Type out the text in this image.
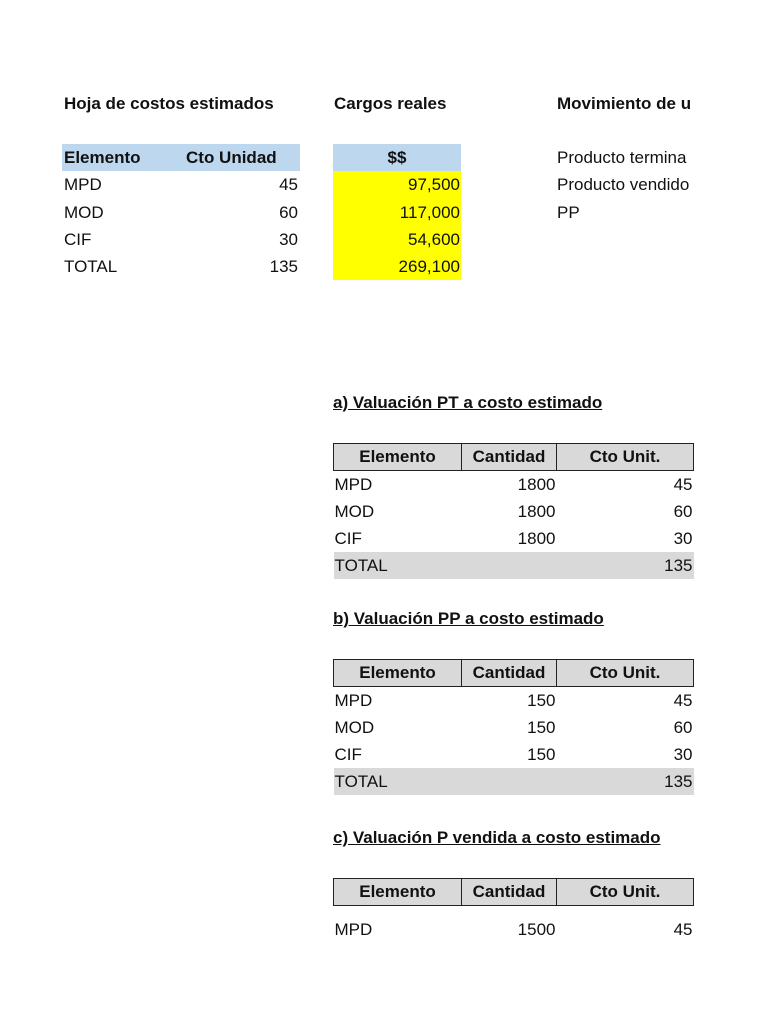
Hoja de costos estimados
Elemento	Cto Unidad
MPD	45
MOD	60
CIF	30
TOTAL	135
Cargos reales
$$
97,500
117,000
54,600
269,100
Movimiento de u
Producto termina
Producto vendido
PP
a) Valuación PT a costo estimado
Elemento	Cantidad	Cto Unit.
MPD	1800	45
MOD	1800	60
CIF	1800	30
TOTAL		135
b) Valuación PP a costo estimado
Elemento	Cantidad	Cto Unit.
MPD	150	45
MOD	150	60
CIF	150	30
TOTAL		135
c) Valuación P vendida a costo estimado
Elemento	Cantidad	Cto Unit.

MPD	1500	45
